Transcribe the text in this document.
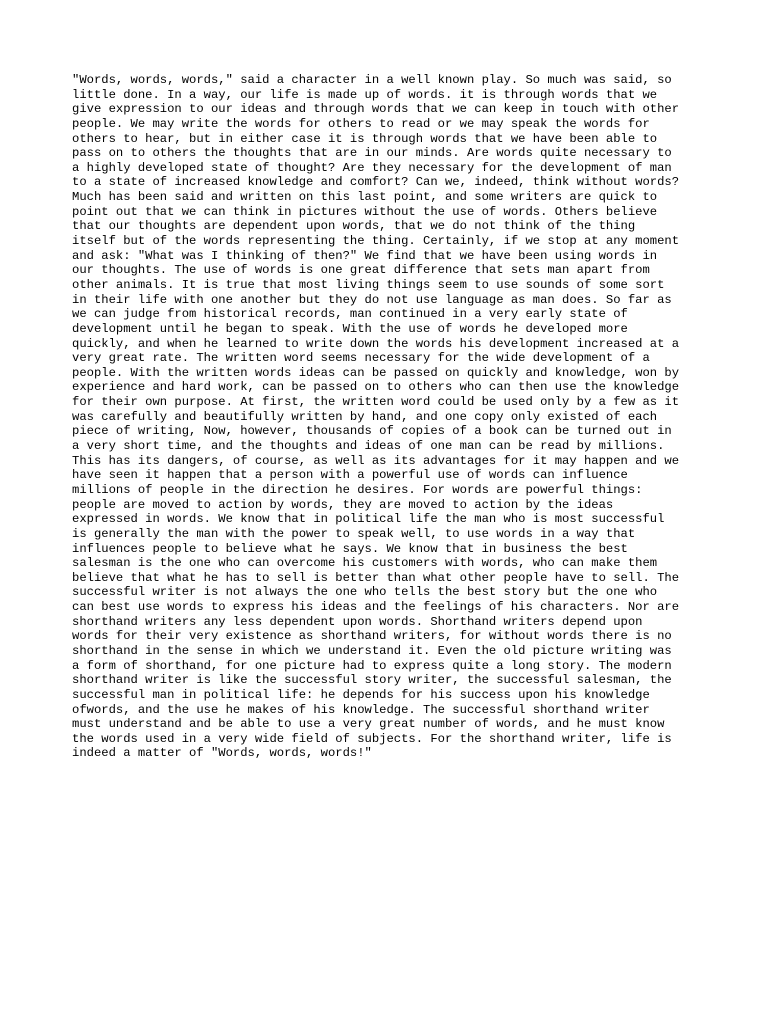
"Words, words, words," said a character in a well known play. So much was said, so
little done. In a way, our life is made up of words. it is through words that we
give expression to our ideas and through words that we can keep in touch with other
people. We may write the words for others to read or we may speak the words for
others to hear, but in either case it is through words that we have been able to
pass on to others the thoughts that are in our minds. Are words quite necessary to
a highly developed state of thought? Are they necessary for the development of man
to a state of increased knowledge and comfort? Can we, indeed, think without words?
Much has been said and written on this last point, and some writers are quick to
point out that we can think in pictures without the use of words. Others believe
that our thoughts are dependent upon words, that we do not think of the thing
itself but of the words representing the thing. Certainly, if we stop at any moment
and ask: "What was I thinking of then?" We find that we have been using words in
our thoughts. The use of words is one great difference that sets man apart from
other animals. It is true that most living things seem to use sounds of some sort
in their life with one another but they do not use language as man does. So far as
we can judge from historical records, man continued in a very early state of
development until he began to speak. With the use of words he developed more
quickly, and when he learned to write down the words his development increased at a
very great rate. The written word seems necessary for the wide development of a
people. With the written words ideas can be passed on quickly and knowledge, won by
experience and hard work, can be passed on to others who can then use the knowledge
for their own purpose. At first, the written word could be used only by a few as it
was carefully and beautifully written by hand, and one copy only existed of each
piece of writing, Now, however, thousands of copies of a book can be turned out in
a very short time, and the thoughts and ideas of one man can be read by millions.
This has its dangers, of course, as well as its advantages for it may happen and we
have seen it happen that a person with a powerful use of words can influence
millions of people in the direction he desires. For words are powerful things:
people are moved to action by words, they are moved to action by the ideas
expressed in words. We know that in political life the man who is most successful
is generally the man with the power to speak well, to use words in a way that
influences people to believe what he says. We know that in business the best
salesman is the one who can overcome his customers with words, who can make them
believe that what he has to sell is better than what other people have to sell. The
successful writer is not always the one who tells the best story but the one who
can best use words to express his ideas and the feelings of his characters. Nor are
shorthand writers any less dependent upon words. Shorthand writers depend upon
words for their very existence as shorthand writers, for without words there is no
shorthand in the sense in which we understand it. Even the old picture writing was
a form of shorthand, for one picture had to express quite a long story. The modern
shorthand writer is like the successful story writer, the successful salesman, the
successful man in political life: he depends for his success upon his knowledge
ofwords, and the use he makes of his knowledge. The successful shorthand writer
must understand and be able to use a very great number of words, and he must know
the words used in a very wide field of subjects. For the shorthand writer, life is
indeed a matter of "Words, words, words!"
